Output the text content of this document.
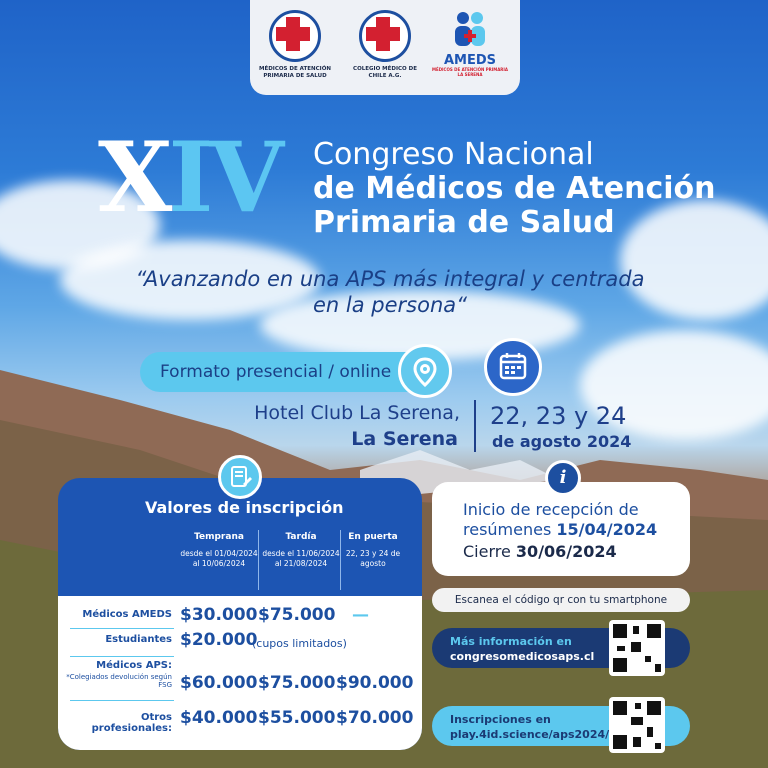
MÉDICOS DE ATENCIÓN PRIMARIA DE SALUD
COLEGIO MÉDICO DE CHILE A.G.
AMEDS
MÉDICOS DE ATENCIÓN PRIMARIA LA SERENA
XIV Congreso Nacional
de Médicos de Atención
Primaria de Salud
“Avanzando en una APS más integral y centrada en la persona“
Formato presencial / online
Hotel Club La Serena,
La Serena
22, 23 y 24
de agosto 2024
Valores de inscripción
Temprana
desde el 01/04/2024 al 10/06/2024
Tardía
desde el 11/06/2024 al 21/08/2024
En puerta
22, 23 y 24 de agosto
Médicos AMEDS $30.000 $75.000 —
Estudiantes $20.000
(cupos limitados)
Médicos APS:
*Colegiados devolución según FSG $60.000 $75.000 $90.000
Otros profesionales:
$40.000 $55.000 $70.000
i
Inicio de recepción de
resúmenes 15/04/2024
Cierre 30/06/2024
Escanea el código qr con tu smartphone
Más información en
congresomedicosaps.cl
Inscripciones en
play.4id.science/aps2024/
